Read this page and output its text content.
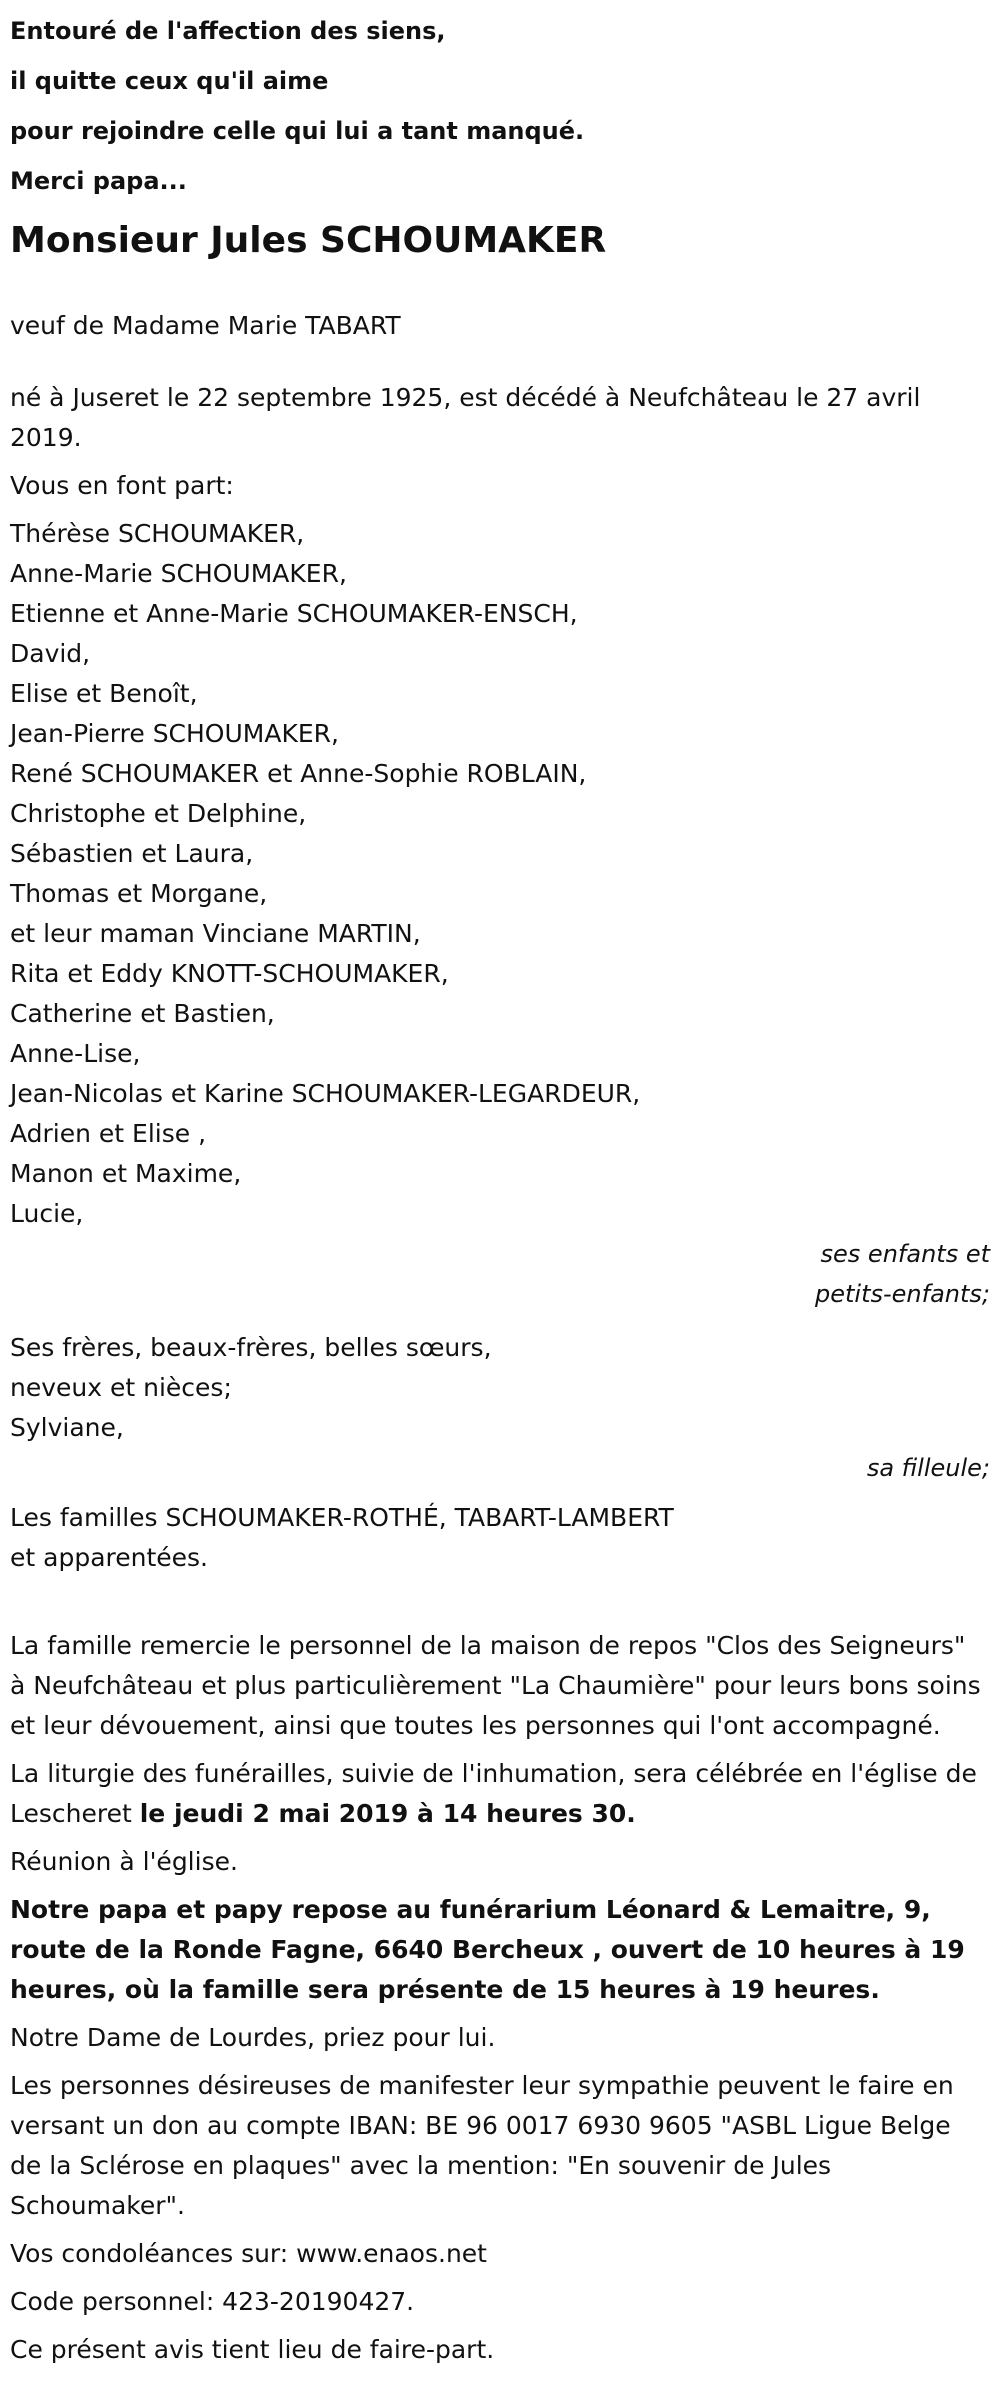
Entouré de l'affection des siens,

il quitte ceux qu'il aime

pour rejoindre celle qui lui a tant manqué.

Merci papa...

Monsieur Jules SCHOUMAKER

veuf de Madame Marie TABART

né à Juseret le 22 septembre 1925, est décédé à Neufchâteau le 27 avril 2019.

Vous en font part:

Thérèse SCHOUMAKER,
Anne-Marie SCHOUMAKER,
Etienne et Anne-Marie SCHOUMAKER-ENSCH,
David,
Elise et Benoît,
Jean-Pierre SCHOUMAKER,
René SCHOUMAKER et Anne-Sophie ROBLAIN,
Christophe et Delphine,
Sébastien et Laura,
Thomas et Morgane,
et leur maman Vinciane MARTIN,
Rita et Eddy KNOTT-SCHOUMAKER,
Catherine et Bastien,
Anne-Lise,
Jean-Nicolas et Karine SCHOUMAKER-LEGARDEUR,
Adrien et Elise ,
Manon et Maxime,
Lucie,
ses enfants et
petits-enfants;
Ses frères, beaux-frères, belles sœurs,
neveux et nièces;
Sylviane,
sa filleule;
Les familles SCHOUMAKER-ROTHÉ, TABART-LAMBERT
et apparentées.

La famille remercie le personnel de la maison de repos "Clos des Seigneurs" à Neufchâteau et plus particulièrement "La Chaumière" pour leurs bons soins et leur dévouement, ainsi que toutes les personnes qui l'ont accompagné.

La liturgie des funérailles, suivie de l'inhumation, sera célébrée en l'église de Lescheret le jeudi 2 mai 2019 à 14 heures 30.

Réunion à l'église.

Notre papa et papy repose au funérarium Léonard & Lemaitre, 9, route de la Ronde Fagne, 6640 Bercheux , ouvert de 10 heures à 19 heures, où la famille sera présente de 15 heures à 19 heures.

Notre Dame de Lourdes, priez pour lui.

Les personnes désireuses de manifester leur sympathie peuvent le faire en versant un don au compte IBAN: BE 96 0017 6930 9605 "ASBL Ligue Belge de la Sclérose en plaques" avec la mention: "En souvenir de Jules Schoumaker".

Vos condoléances sur: www.enaos.net

Code personnel: 423-20190427.

Ce présent avis tient lieu de faire-part.
